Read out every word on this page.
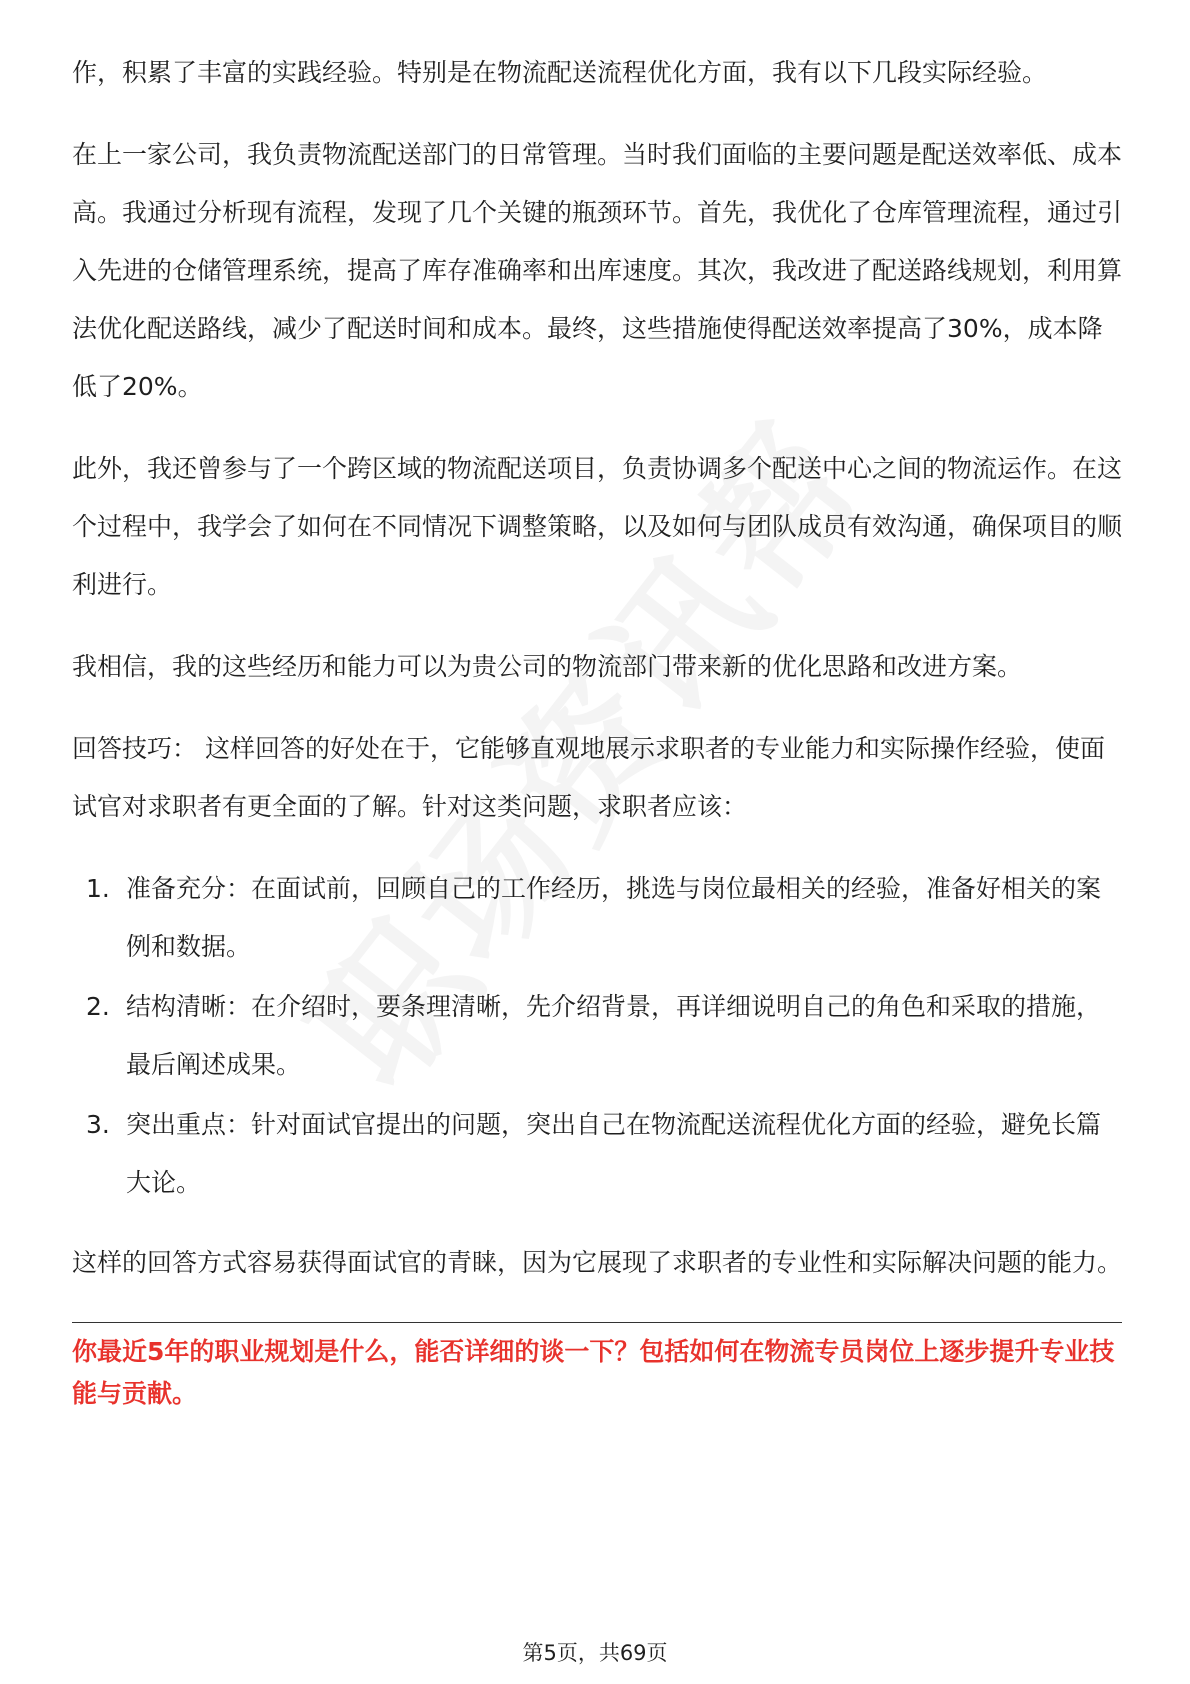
作，积累了丰富的实践经验。特别是在物流配送流程优化方面，我有以下几段实际经验。

在上一家公司，我负责物流配送部门的日常管理。当时我们面临的主要问题是配送效率低、成本高。我通过分析现有流程，发现了几个关键的瓶颈环节。首先，我优化了仓库管理流程，通过引入先进的仓储管理系统，提高了库存准确率和出库速度。其次，我改进了配送路线规划，利用算法优化配送路线，减少了配送时间和成本。最终，这些措施使得配送效率提高了30%，成本降低了20%。

此外，我还曾参与了一个跨区域的物流配送项目，负责协调多个配送中心之间的物流运作。在这个过程中，我学会了如何在不同情况下调整策略，以及如何与团队成员有效沟通，确保项目的顺利进行。

我相信，我的这些经历和能力可以为贵公司的物流部门带来新的优化思路和改进方案。

回答技巧： 这样回答的好处在于，它能够直观地展示求职者的专业能力和实际操作经验，使面试官对求职者有更全面的了解。针对这类问题，求职者应该：

1. 准备充分：在面试前，回顾自己的工作经历，挑选与岗位最相关的经验，准备好相关的案例和数据。
2. 结构清晰：在介绍时，要条理清晰，先介绍背景，再详细说明自己的角色和采取的措施，最后阐述成果。
3. 突出重点：针对面试官提出的问题，突出自己在物流配送流程优化方面的经验，避免长篇大论。

这样的回答方式容易获得面试官的青睐，因为它展现了求职者的专业性和实际解决问题的能力。

你最近5年的职业规划是什么，能否详细的谈一下？包括如何在物流专员岗位上逐步提升专业技能与贡献。

第5页，共69页
